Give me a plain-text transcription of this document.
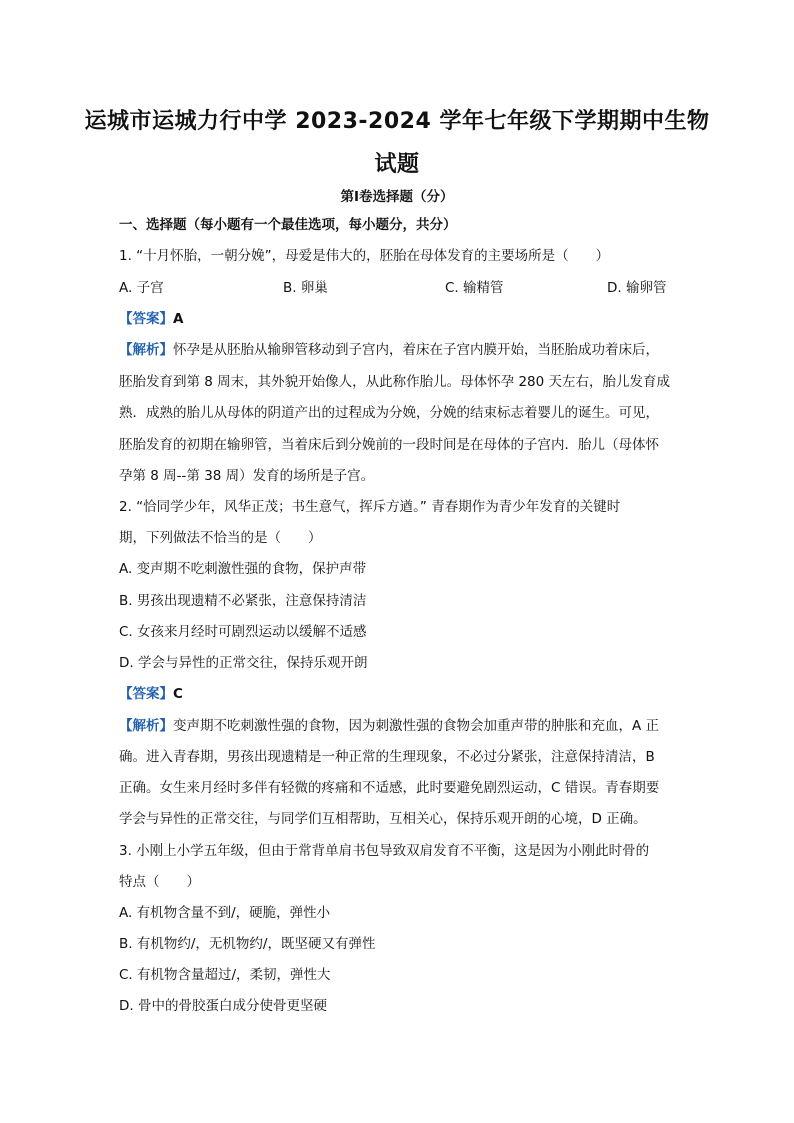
运城市运城力行中学 2023-2024 学年七年级下学期期中生物
试题
第Ⅰ卷选择题（分）
一、选择题（每小题有一个最佳选项，每小题分，共分）
1. “十月怀胎，一朝分娩”，母爱是伟大的，胚胎在母体发育的主要场所是（　　）
A. 子宫	B. 卵巢	C. 输精管	D. 输卵管
【答案】A
【解析】怀孕是从胚胎从输卵管移动到子宫内，着床在子宫内膜开始，当胚胎成功着床后，
胚胎发育到第 8 周末，其外貌开始像人，从此称作胎儿。母体怀孕 280 天左右，胎儿发育成
熟．成熟的胎儿从母体的阴道产出的过程成为分娩，分娩的结束标志着婴儿的诞生。可见，
胚胎发育的初期在输卵管，当着床后到分娩前的一段时间是在母体的子宫内．胎儿（母体怀
孕第 8 周--第 38 周）发育的场所是子宫。
2. “恰同学少年，风华正茂；书生意气，挥斥方遒。” 青春期作为青少年发育的关键时
期，下列做法不恰当的是（　　）
A. 变声期不吃刺激性强的食物，保护声带
B. 男孩出现遗精不必紧张，注意保持清洁
C. 女孩来月经时可剧烈运动以缓解不适感
D. 学会与异性的正常交往，保持乐观开朗
【答案】C
【解析】变声期不吃刺激性强的食物，因为刺激性强的食物会加重声带的肿胀和充血，A 正
确。进入青春期，男孩出现遗精是一种正常的生理现象，不必过分紧张，注意保持清洁，B
正确。女生来月经时多伴有轻微的疼痛和不适感，此时要避免剧烈运动，C 错误。青春期要
学会与异性的正常交往，与同学们互相帮助，互相关心，保持乐观开朗的心境，D 正确。
3. 小刚上小学五年级，但由于常背单肩书包导致双肩发育不平衡，这是因为小刚此时骨的
特点（　　）
A. 有机物含量不到/，硬脆，弹性小
B. 有机物约/，无机物约/，既坚硬又有弹性
C. 有机物含量超过/，柔韧，弹性大
D. 骨中的骨胶蛋白成分使骨更坚硬
